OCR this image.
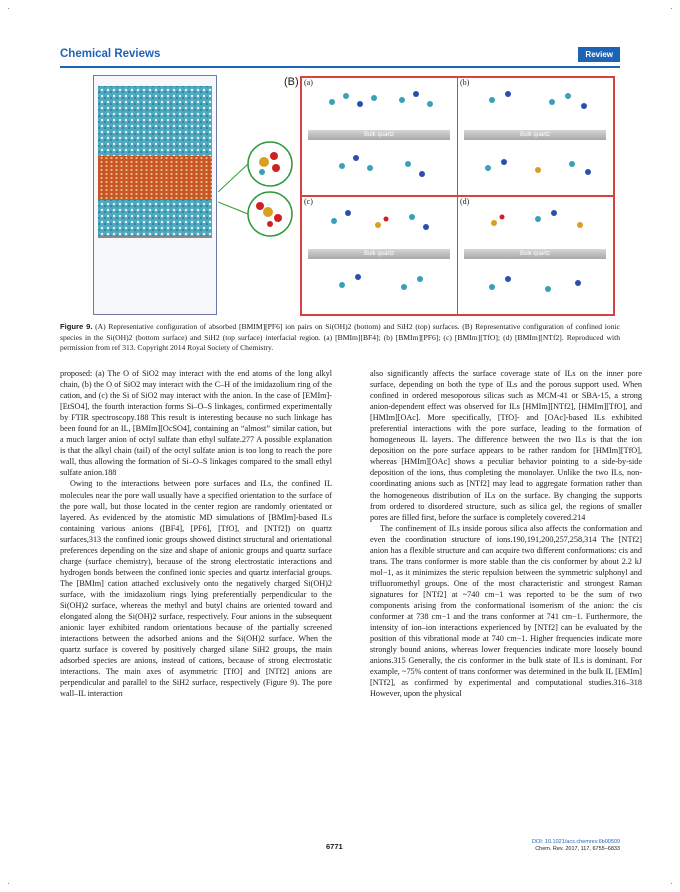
Chemical Reviews	Review
(B) (a)
Bulk quartz
(b)
Bulk quartz
(c)
Bulk quartz
(d)
Bulk quartz
Figure 9. (A) Representative configuration of absorbed [BMIM][PF6] ion pairs on Si(OH)2 (bottom) and SiH2 (top) surfaces. (B) Representative configuration of confined ionic species in the Si(OH)2 (bottom surface) and SiH2 (top surface) interfacial region. (a) [BMIm][BF4]; (b) [BMIm][PF6]; (c) [BMIm][TfO]; (d) [BMIm][NTf2]. Reproduced with permission from ref 313. Copyright 2014 Royal Society of Chemistry.

proposed: (a) The O of SiO2 may interact with the end atoms of the long alkyl chain, (b) the O of SiO2 may interact with the C–H of the imidazolium ring of the cation, and (c) the Si of SiO2 may interact with the anion. In the case of [EMIm]-[EtSO4], the fourth interaction forms Si–O–S linkages, confirmed experimentally by FTIR spectroscopy.188 This result is interesting because no such linkage has been found for an IL, [BMIm][OcSO4], containing an “almost” similar cation, but a much larger anion of octyl sulfate than ethyl sulfate.277 A possible explanation is that the alkyl chain (tail) of the octyl sulfate anion is too long to reach the pore wall, thus allowing the formation of Si–O–S linkages compared to the small ethyl sulfate anion.188

Owing to the interactions between pore surfaces and ILs, the confined IL molecules near the pore wall usually have a specified orientation to the surface of the pore wall, but those located in the center region are randomly orientated or layered. As evidenced by the atomistic MD simulations of [BMIm]-based ILs containing various anions ([BF4], [PF6], [TfO], and [NTf2]) on quartz surfaces,313 the confined ionic groups showed distinct structural and orientational preferences depending on the size and shape of anionic groups and quartz surface charge (surface chemistry), because of the strong electrostatic interactions and hydrogen bonds between the confined ionic species and quartz interfacial groups. The [BMIm] cation attached exclusively onto the negatively charged Si(OH)2 surface, with the imidazolium rings lying preferentially perpendicular to the Si(OH)2 surface, whereas the methyl and butyl chains are oriented toward and elongated along the Si(OH)2 surface, respectively. Four anions in the subsequent anionic layer exhibited random orientations because of the partially screened interactions between the adsorbed anions and the Si(OH)2 surface. When the quartz surface is covered by positively charged silane SiH2 groups, the main adsorbed species are anions, instead of cations, because of strong electrostatic interactions. The main axes of asymmetric [TfO] and [NTf2] anions are perpendicular and parallel to the SiH2 surface, respectively (Figure 9). The pore wall–IL interaction

also significantly affects the surface coverage state of ILs on the inner pore surface, depending on both the type of ILs and the porous support used. When confined in ordered mesoporous silicas such as MCM-41 or SBA-15, a strong anion-dependent effect was observed for ILs [HMIm][NTf2], [HMIm][TfO], and [HMIm][OAc]. More specifically, [TfO]- and [OAc]-based ILs exhibited preferential interactions with the pore surface, leading to the formation of homogeneous IL layers. The difference between the two ILs is that the ion deposition on the pore surface appears to be rather random for [HMIm][TfO], whereas [HMIm][OAc] shows a peculiar behavior pointing to a side-by-side deposition of the ions, thus completing the monolayer. Unlike the two ILs, non-coordinating anions such as [NTf2] may lead to aggregate formation rather than the homogeneous distribution of ILs on the surface. By changing the supports from ordered to disordered structure, such as silica gel, the regions of smaller pores are filled first, before the surface is completely covered.214

The confinement of ILs inside porous silica also affects the conformation and even the coordination structure of ions.190,191,200,257,258,314 The [NTf2] anion has a flexible structure and can acquire two different conformations: cis and trans. The trans conformer is more stable than the cis conformer by about 2.2 kJ mol−1, as it minimizes the steric repulsion between the symmetric sulphonyl and trifluoromethyl groups. One of the most characteristic and strongest Raman signatures for [NTf2] at ~740 cm−1 was reported to be the sum of two components arising from the conformational isomerism of the anion: the cis conformer at 738 cm−1 and the trans conformer at 741 cm−1. Furthermore, the intensity of ion–ion interactions experienced by [NTf2] can be evaluated by the position of this vibrational mode at 740 cm−1. Higher frequencies indicate more strongly bound anions, whereas lower frequencies indicate more loosely bound anions.315 Generally, the cis conformer in the bulk state of ILs is dominant. For example, ~75% content of trans conformer was determined in the bulk IL [EMIm][NTf2], as confirmed by experimental and computational studies.316–318 However, upon the physical

6771	DOI: 10.1021/acs.chemrev.6b00509
Chem. Rev. 2017, 117, 6755–6833
